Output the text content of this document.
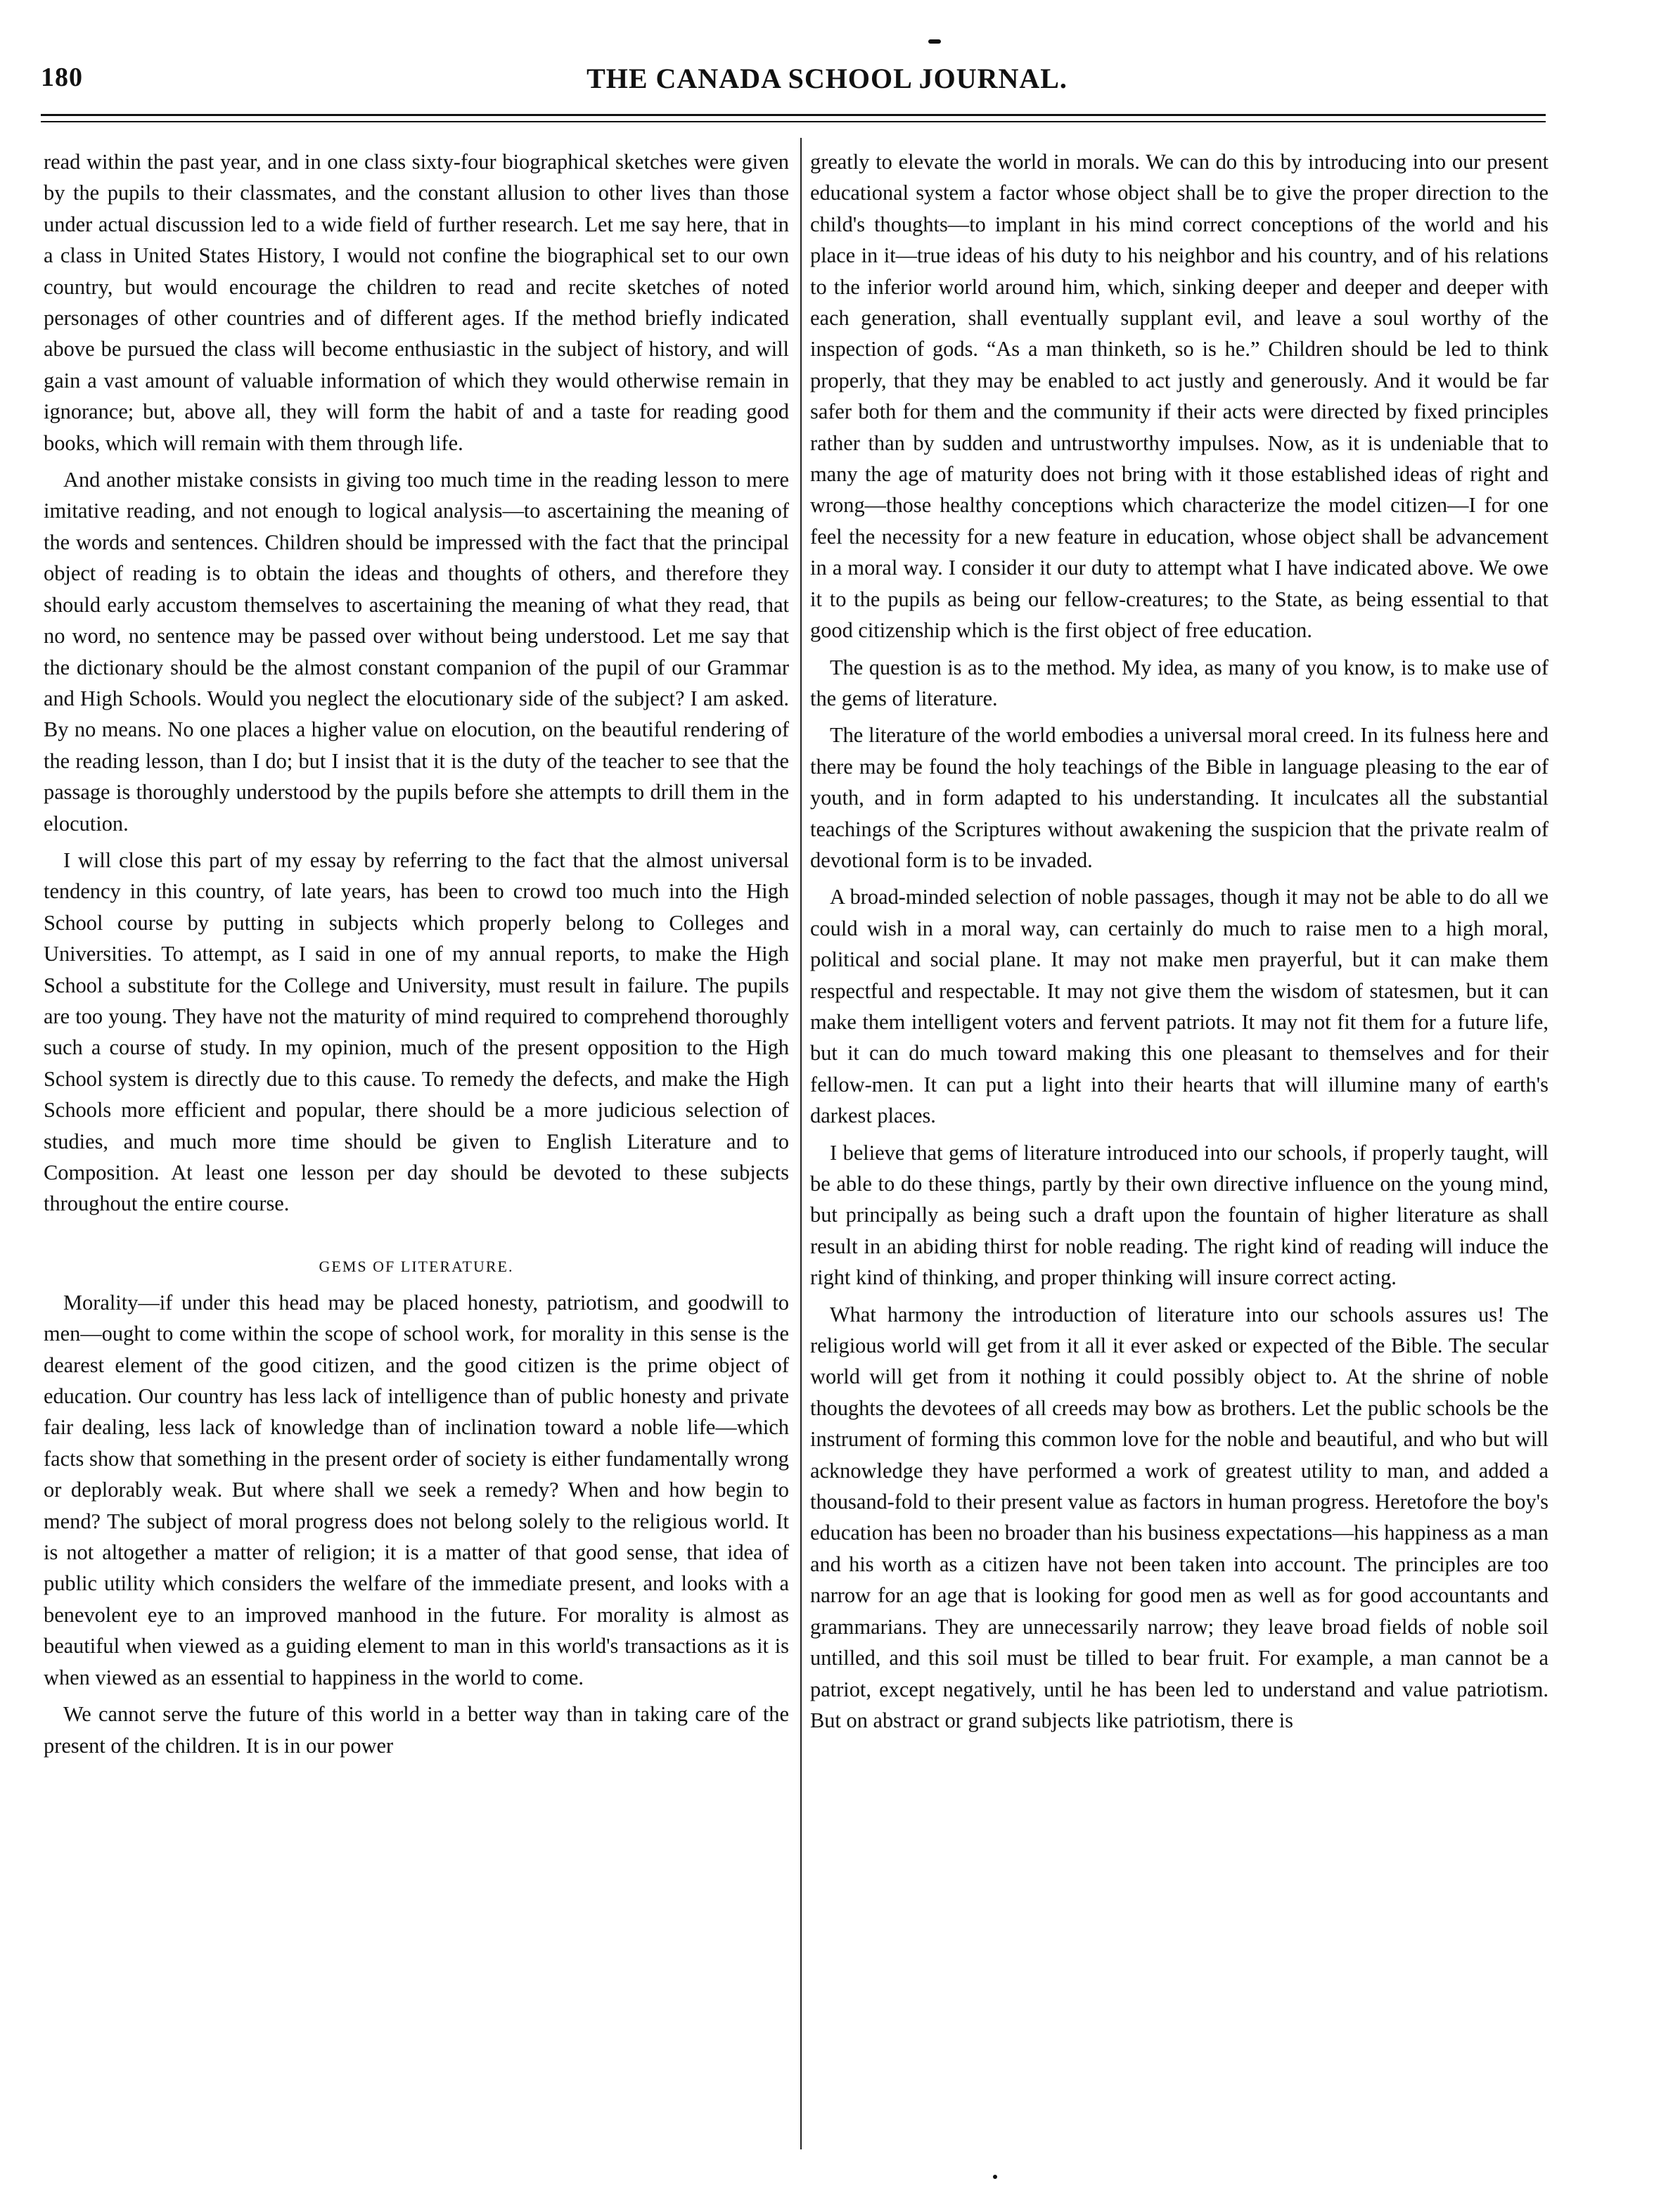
180	THE CANADA SCHOOL JOURNAL.

read within the past year, and in one class sixty-four biographical sketches were given by the pupils to their classmates, and the constant allusion to other lives than those under actual discussion led to a wide field of further research. Let me say here, that in a class in United States History, I would not confine the biographical set to our own country, but would encourage the children to read and recite sketches of noted personages of other countries and of different ages. If the method briefly indicated above be pursued the class will become enthusiastic in the subject of history, and will gain a vast amount of valuable information of which they would otherwise remain in ignorance; but, above all, they will form the habit of and a taste for reading good books, which will remain with them through life.

And another mistake consists in giving too much time in the reading lesson to mere imitative reading, and not enough to logical analysis—to ascertaining the meaning of the words and sentences. Children should be impressed with the fact that the principal object of reading is to obtain the ideas and thoughts of others, and therefore they should early accustom themselves to ascertaining the meaning of what they read, that no word, no sentence may be passed over without being understood. Let me say that the dictionary should be the almost constant companion of the pupil of our Grammar and High Schools. Would you neglect the elocutionary side of the subject? I am asked. By no means. No one places a higher value on elocution, on the beautiful rendering of the reading lesson, than I do; but I insist that it is the duty of the teacher to see that the passage is thoroughly understood by the pupils before she attempts to drill them in the elocution.

I will close this part of my essay by referring to the fact that the almost universal tendency in this country, of late years, has been to crowd too much into the High School course by putting in subjects which properly belong to Colleges and Universities. To attempt, as I said in one of my annual reports, to make the High School a substitute for the College and University, must result in failure. The pupils are too young. They have not the maturity of mind required to comprehend thoroughly such a course of study. In my opinion, much of the present opposition to the High School system is directly due to this cause. To remedy the defects, and make the High Schools more efficient and popular, there should be a more judicious selection of studies, and much more time should be given to English Literature and to Composition. At least one lesson per day should be devoted to these subjects throughout the entire course.

GEMS OF LITERATURE.

Morality—if under this head may be placed honesty, patriotism, and goodwill to men—ought to come within the scope of school work, for morality in this sense is the dearest element of the good citizen, and the good citizen is the prime object of education. Our country has less lack of intelligence than of public honesty and private fair dealing, less lack of knowledge than of inclination toward a noble life—which facts show that something in the present order of society is either fundamentally wrong or deplorably weak. But where shall we seek a remedy? When and how begin to mend? The subject of moral progress does not belong solely to the religious world. It is not altogether a matter of religion; it is a matter of that good sense, that idea of public utility which considers the welfare of the immediate present, and looks with a benevolent eye to an improved manhood in the future. For morality is almost as beautiful when viewed as a guiding element to man in this world's transactions as it is when viewed as an essential to happiness in the world to come.

We cannot serve the future of this world in a better way than in taking care of the present of the children. It is in our power

greatly to elevate the world in morals. We can do this by introducing into our present educational system a factor whose object shall be to give the proper direction to the child's thoughts—to implant in his mind correct conceptions of the world and his place in it—true ideas of his duty to his neighbor and his country, and of his relations to the inferior world around him, which, sinking deeper and deeper and deeper with each generation, shall eventually supplant evil, and leave a soul worthy of the inspection of gods. “As a man thinketh, so is he.” Children should be led to think properly, that they may be enabled to act justly and generously. And it would be far safer both for them and the community if their acts were directed by fixed principles rather than by sudden and untrustworthy impulses. Now, as it is undeniable that to many the age of maturity does not bring with it those established ideas of right and wrong—those healthy conceptions which characterize the model citizen—I for one feel the necessity for a new feature in education, whose object shall be advancement in a moral way. I consider it our duty to attempt what I have indicated above. We owe it to the pupils as being our fellow-creatures; to the State, as being essential to that good citizenship which is the first object of free education.

The question is as to the method. My idea, as many of you know, is to make use of the gems of literature.

The literature of the world embodies a universal moral creed. In its fulness here and there may be found the holy teachings of the Bible in language pleasing to the ear of youth, and in form adapted to his understanding. It inculcates all the substantial teachings of the Scriptures without awakening the suspicion that the private realm of devotional form is to be invaded.

A broad-minded selection of noble passages, though it may not be able to do all we could wish in a moral way, can certainly do much to raise men to a high moral, political and social plane. It may not make men prayerful, but it can make them respectful and respectable. It may not give them the wisdom of statesmen, but it can make them intelligent voters and fervent patriots. It may not fit them for a future life, but it can do much toward making this one pleasant to themselves and for their fellow-men. It can put a light into their hearts that will illumine many of earth's darkest places.

I believe that gems of literature introduced into our schools, if properly taught, will be able to do these things, partly by their own directive influence on the young mind, but principally as being such a draft upon the fountain of higher literature as shall result in an abiding thirst for noble reading. The right kind of reading will induce the right kind of thinking, and proper thinking will insure correct acting.

What harmony the introduction of literature into our schools assures us! The religious world will get from it all it ever asked or expected of the Bible. The secular world will get from it nothing it could possibly object to. At the shrine of noble thoughts the devotees of all creeds may bow as brothers. Let the public schools be the instrument of forming this common love for the noble and beautiful, and who but will acknowledge they have performed a work of greatest utility to man, and added a thousand-fold to their present value as factors in human progress. Heretofore the boy's education has been no broader than his business expectations—his happiness as a man and his worth as a citizen have not been taken into account. The principles are too narrow for an age that is looking for good men as well as for good accountants and grammarians. They are unnecessarily narrow; they leave broad fields of noble soil untilled, and this soil must be tilled to bear fruit. For example, a man cannot be a patriot, except negatively, until he has been led to understand and value patriotism. But on abstract or grand subjects like patriotism, there is
